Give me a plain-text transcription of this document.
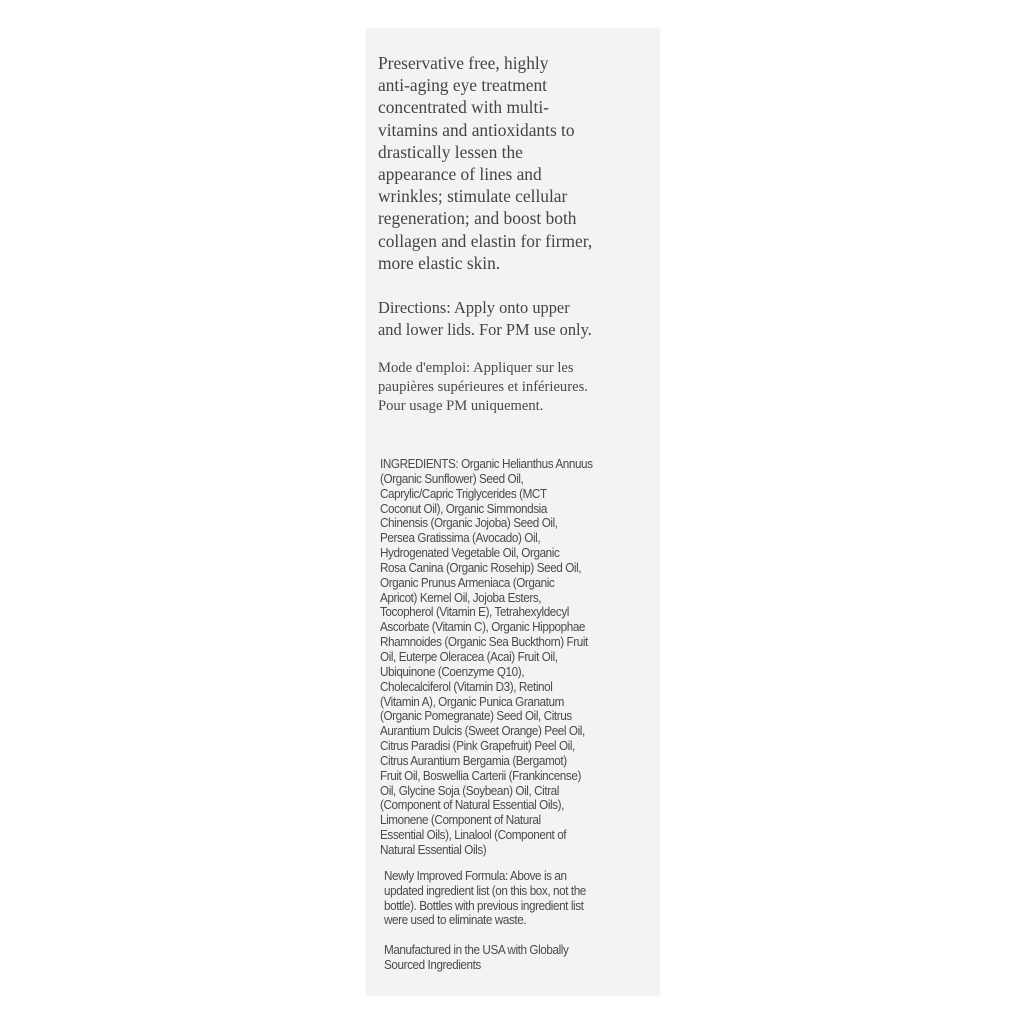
Preservative free, highly
anti-aging eye treatment
concentrated with multi-
vitamins and antioxidants to
drastically lessen the
appearance of lines and
wrinkles; stimulate cellular
regeneration; and boost both
collagen and elastin for firmer,
more elastic skin.

Directions: Apply onto upper
and lower lids. For PM use only.

Mode d'emploi: Appliquer sur les
paupières supérieures et inférieures.
Pour usage PM uniquement.

INGREDIENTS: Organic Helianthus Annuus
(Organic Sunflower) Seed Oil,
Caprylic/Capric Triglycerides (MCT
Coconut Oil), Organic Simmondsia
Chinensis (Organic Jojoba) Seed Oil,
Persea Gratissima (Avocado) Oil,
Hydrogenated Vegetable Oil, Organic
Rosa Canina (Organic Rosehip) Seed Oil,
Organic Prunus Armeniaca (Organic
Apricot) Kernel Oil, Jojoba Esters,
Tocopherol (Vitamin E), Tetrahexyldecyl
Ascorbate (Vitamin C), Organic Hippophae
Rhamnoides (Organic Sea Buckthorn) Fruit
Oil, Euterpe Oleracea (Acai) Fruit Oil,
Ubiquinone (Coenzyme Q10),
Cholecalciferol (Vitamin D3), Retinol
(Vitamin A), Organic Punica Granatum
(Organic Pomegranate) Seed Oil, Citrus
Aurantium Dulcis (Sweet Orange) Peel Oil,
Citrus Paradisi (Pink Grapefruit) Peel Oil,
Citrus Aurantium Bergamia (Bergamot)
Fruit Oil, Boswellia Carterii (Frankincense)
Oil, Glycine Soja (Soybean) Oil, Citral
(Component of Natural Essential Oils),
Limonene (Component of Natural
Essential Oils), Linalool (Component of
Natural Essential Oils)

Newly Improved Formula: Above is an
updated ingredient list (on this box, not the
bottle). Bottles with previous ingredient list
were used to eliminate waste.

Manufactured in the USA with Globally
Sourced Ingredients
